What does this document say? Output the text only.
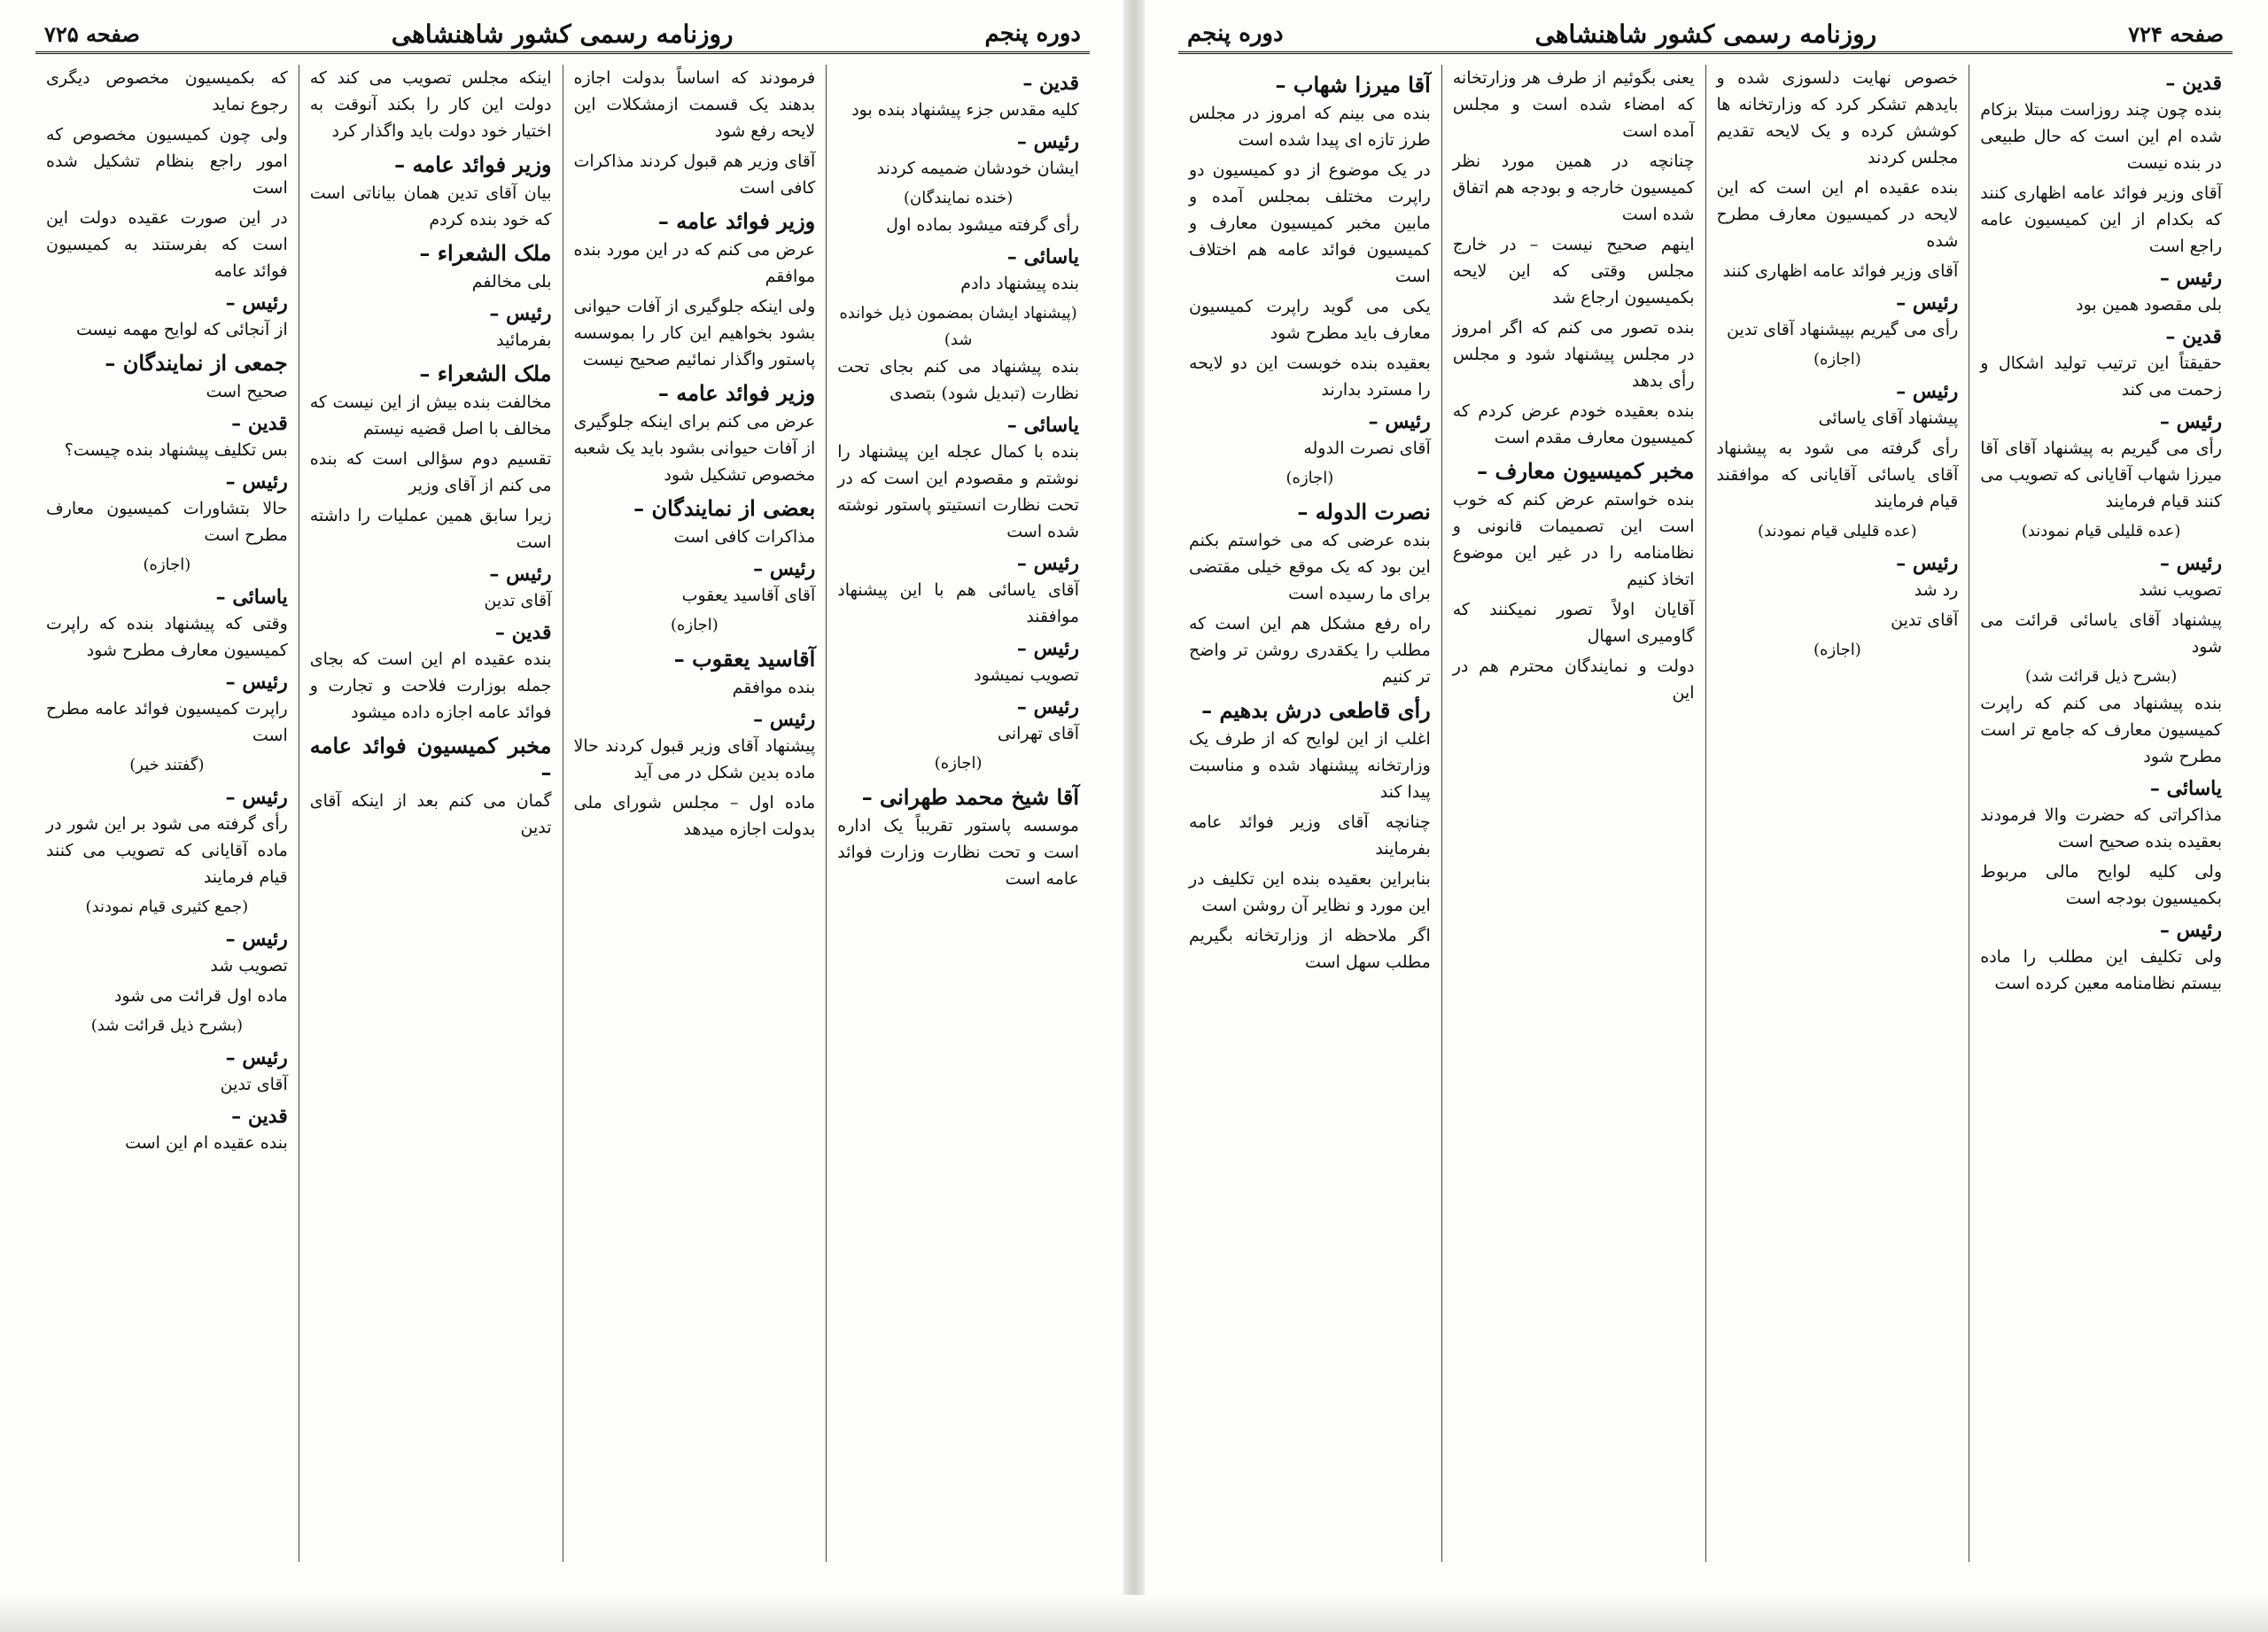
دوره پنجم
روزنامه رسمی کشور شاهنشاهی
صفحه ۷۲۵
قدین –
کلیه مقدس جزء پیشنهاد بنده بود
رئیس –
ایشان خودشان ضمیمه کردند
(خنده نمایندگان)
رأی گرفته میشود بماده اول
یاسائی –
بنده پیشنهاد دادم
(پیشنهاد ایشان بمضمون ذیل خوانده شد)
بنده پیشنهاد می کنم بجای تحت نظارت (تبدیل شود) بتصدی
یاسائی –
بنده با کمال عجله این پیشنهاد را نوشتم و مقصودم این است که در تحت نظارت انستیتو پاستور نوشته شده است
رئیس –
آقای یاسائی هم با این پیشنهاد موافقند
رئیس –
تصویب نمیشود
رئیس –
آقای تهرانی
(اجازه)
آقا شیخ محمد طهرانی –
موسسه پاستور تقریباً یک اداره است و تحت نظارت وزارت فوائد عامه است
فرمودند که اساساً بدولت اجازه بدهند یک قسمت ازمشکلات این لایحه رفع شود
آقای وزیر هم قبول کردند مذاکرات کافی است
وزیر فوائد عامه –
عرض می کنم که در این مورد بنده موافقم
ولی اینکه جلوگیری از آفات حیوانی بشود بخواهیم این کار را بموسسه پاستور واگذار نمائیم صحیح نیست
وزیر فوائد عامه –
عرض می کنم برای اینکه جلوگیری از آفات حیوانی بشود باید یک شعبه مخصوص تشکیل شود
بعضی از نمایندگان –
مذاکرات کافی است
رئیس –
آقای آقاسید یعقوب
(اجازه)
آقاسید یعقوب –
بنده موافقم
رئیس –
پیشنهاد آقای وزیر قبول کردند حالا ماده بدین شکل در می آید
ماده اول – مجلس شورای ملی بدولت اجازه میدهد
اینکه مجلس تصویب می کند که دولت این کار را بکند آنوقت به اختیار خود دولت باید واگذار کرد
وزیر فوائد عامه –
بیان آقای تدین همان بیاناتی است که خود بنده کردم
ملک الشعراء –
بلی مخالفم
رئیس –
بفرمائید
ملک الشعراء –
مخالفت بنده بیش از این نیست که مخالف با اصل قضیه نیستم
تقسیم دوم سؤالی است که بنده می کنم از آقای وزیر
زیرا سابق همین عملیات را داشته است
رئیس –
آقای تدین
قدین –
بنده عقیده ام این است که بجای جمله بوزارت فلاحت و تجارت و فوائد عامه اجازه داده میشود
مخبر کمیسیون فوائد عامه –
گمان می کنم بعد از اینکه آقای تدین
که بکمیسیون مخصوص دیگری رجوع نماید
ولی چون کمیسیون مخصوص که امور راجع بنظام تشکیل شده است
در این صورت عقیده دولت این است که بفرستند به کمیسیون فوائد عامه
رئیس –
از آنجائی که لوایح مهمه نیست
جمعی از نمایندگان –
صحیح است
قدین –
بس تکلیف پیشنهاد بنده چیست؟
رئیس –
حالا بتشاورات کمیسیون معارف مطرح است
(اجازه)
یاسائی –
وقتی که پیشنهاد بنده که راپرت کمیسیون معارف مطرح شود
رئیس –
راپرت کمیسیون فوائد عامه مطرح است
(گفتند خیر)
رئیس –
رأی گرفته می شود بر این شور در ماده آقایانی که تصویب می کنند قیام فرمایند
(جمع کثیری قیام نمودند)
رئیس –
تصویب شد
ماده اول قرائت می شود
(بشرح ذیل قرائت شد)
رئیس –
آقای تدین
قدین –
بنده عقیده ام این است
صفحه ۷۲۴
روزنامه رسمی کشور شاهنشاهی
دوره پنجم
قدین –
بنده چون چند روزاست مبتلا بزکام شده ام این است که حال طبیعی در بنده نیست
آقای وزیر فوائد عامه اظهاری کنند که بکدام از این کمیسیون عامه راجع است
رئیس –
بلی مقصود همین بود
قدین –
حقیقتاً این ترتیب تولید اشکال و زحمت می کند
رئیس –
رأی می گیریم به پیشنهاد آقای آقا میرزا شهاب آقایانی که تصویب می کنند قیام فرمایند
(عده قلیلی قیام نمودند)
رئیس –
تصویب نشد
پیشنهاد آقای یاسائی قرائت می شود
(بشرح ذیل قرائت شد)
بنده پیشنهاد می کنم که راپرت کمیسیون معارف که جامع تر است مطرح شود
یاسائی –
مذاکراتی که حضرت والا فرمودند بعقیده بنده صحیح است
ولی کلیه لوایح مالی مربوط بکمیسیون بودجه است
رئیس –
ولی تکلیف این مطلب را ماده بیستم نظامنامه معین کرده است
خصوص نهایت دلسوزی شده و بایدهم تشکر کرد که وزارتخانه ها کوشش کرده و یک لایحه تقدیم مجلس کردند
بنده عقیده ام این است که این لایحه در کمیسیون معارف مطرح شده
آقای وزیر فوائد عامه اظهاری کنند
رئیس –
رأی می گیریم بپیشنهاد آقای تدین
(اجازه)
رئیس –
پیشنهاد آقای یاسائی
رأی گرفته می شود به پیشنهاد آقای یاسائی آقایانی که موافقند قیام فرمایند
(عده قلیلی قیام نمودند)
رئیس –
رد شد
آقای تدین
(اجازه)
یعنی بگوئیم از طرف هر وزارتخانه که امضاء شده است و مجلس آمده است
چنانچه در همین مورد نظر کمیسیون خارجه و بودجه هم اتفاق شده است
اینهم صحیح نیست – در خارج مجلس وقتی که این لایحه بکمیسیون ارجاع شد
بنده تصور می کنم که اگر امروز در مجلس پیشنهاد شود و مجلس رأی بدهد
بنده بعقیده خودم عرض کردم که کمیسیون معارف مقدم است
مخبر کمیسیون معارف –
بنده خواستم عرض کنم که خوب است این تصمیمات قانونی و نظامنامه را در غیر این موضوع اتخاذ کنیم
آقایان اولاً تصور نمیکنند که گاوميری اسهال
دولت و نمایندگان محترم هم در این
آقا میرزا شهاب –
بنده می بینم که امروز در مجلس طرز تازه ای پیدا شده است
در یک موضوع از دو کمیسیون دو راپرت مختلف بمجلس آمده و مابین مخبر کمیسیون معارف و کمیسیون فوائد عامه هم اختلاف است
یکی می گوید راپرت کمیسیون معارف باید مطرح شود
بعقیده بنده خوبست این دو لایحه را مسترد بدارند
رئیس –
آقای نصرت الدوله
(اجازه)
نصرت الدوله –
بنده عرضی که می خواستم بکنم این بود که یک موقع خیلی مقتضی برای ما رسیده است
راه رفع مشکل هم این است که مطلب را یکقدری روشن تر واضح تر کنیم
رأی قاطعی درش بدهیم –
اغلب از این لوایح که از طرف یک وزارتخانه پیشنهاد شده و مناسبت پیدا کند
چنانچه آقای وزیر فوائد عامه بفرمایند
بنابراین بعقیده بنده این تکلیف در این مورد و نظایر آن روشن است
اگر ملاحظه از وزارتخانه بگیریم مطلب سهل است
